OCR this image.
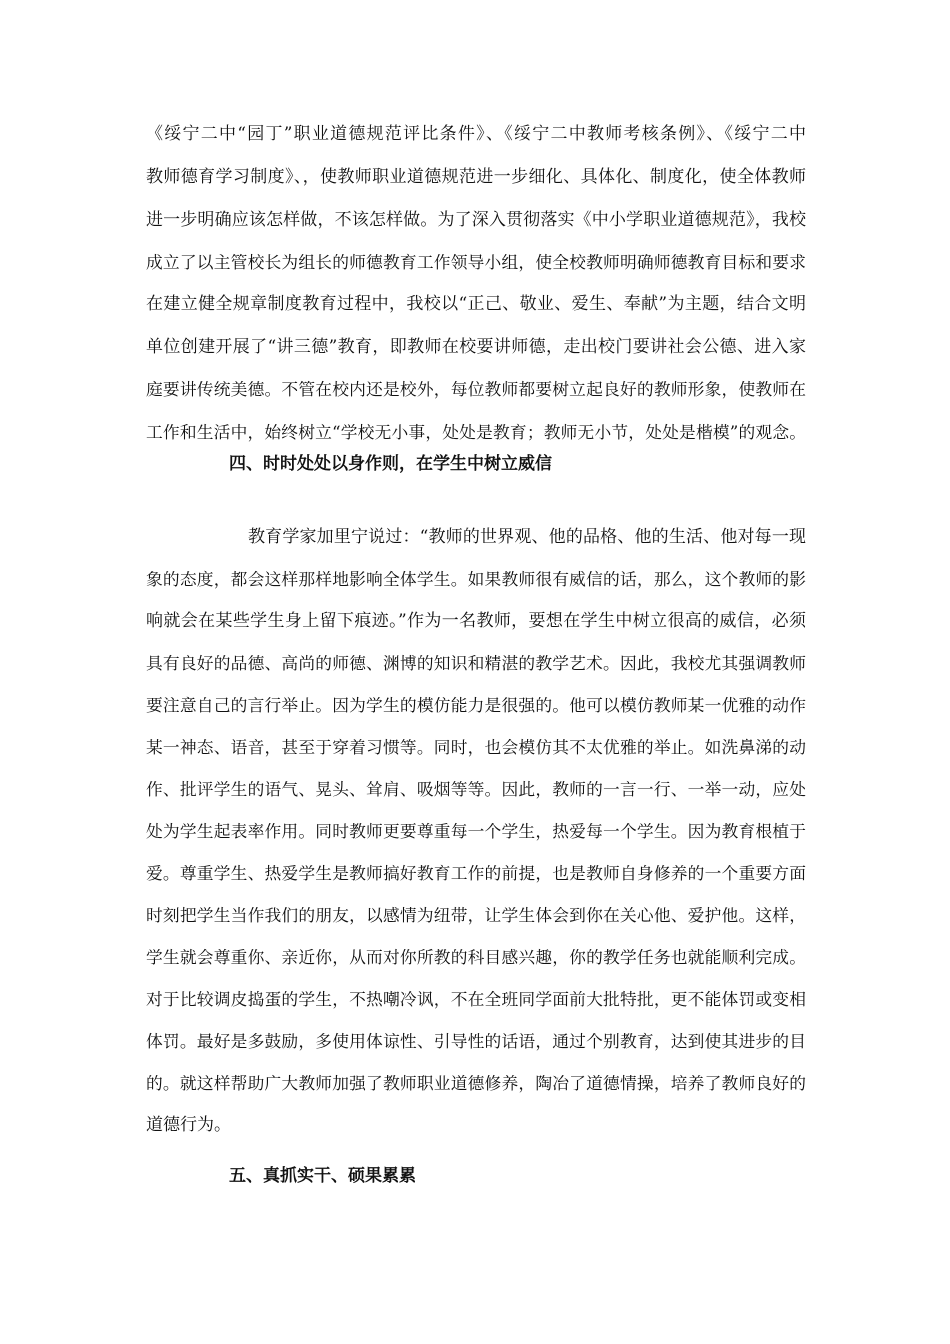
《绥宁二中“园丁”职业道德规范评比条件》、《绥宁二中教师考核条例》、《绥宁二中
教师德育学习制度》、，使教师职业道德规范进一步细化、具体化、制度化，使全体教师
进一步明确应该怎样做，不该怎样做。为了深入贯彻落实《中小学职业道德规范》，我校
成立了以主管校长为组长的师德教育工作领导小组，使全校教师明确师德教育目标和要求
在建立健全规章制度教育过程中，我校以“正己、敬业、爱生、奉献”为主题，结合文明
单位创建开展了“讲三德”教育，即教师在校要讲师德，走出校门要讲社会公德、进入家
庭要讲传统美德。不管在校内还是校外，每位教师都要树立起良好的教师形象，使教师在
工作和生活中，始终树立“学校无小事，处处是教育；教师无小节，处处是楷模”的观念。
四、时时处处以身作则，在学生中树立威信
教育学家加里宁说过：“教师的世界观、他的品格、他的生活、他对每一现
象的态度，都会这样那样地影响全体学生。如果教师很有威信的话，那么，这个教师的影
响就会在某些学生身上留下痕迹。”作为一名教师，要想在学生中树立很高的威信，必须
具有良好的品德、高尚的师德、渊博的知识和精湛的教学艺术。因此，我校尤其强调教师
要注意自己的言行举止。因为学生的模仿能力是很强的。他可以模仿教师某一优雅的动作
某一神态、语音，甚至于穿着习惯等。同时，也会模仿其不太优雅的举止。如洗鼻涕的动
作、批评学生的语气、晃头、耸肩、吸烟等等。因此，教师的一言一行、一举一动，应处
处为学生起表率作用。同时教师更要尊重每一个学生，热爱每一个学生。因为教育根植于
爱。尊重学生、热爱学生是教师搞好教育工作的前提，也是教师自身修养的一个重要方面
时刻把学生当作我们的朋友，以感情为纽带，让学生体会到你在关心他、爱护他。这样，
学生就会尊重你、亲近你，从而对你所教的科目感兴趣，你的教学任务也就能顺利完成。
对于比较调皮捣蛋的学生，不热嘲冷讽，不在全班同学面前大批特批，更不能体罚或变相
体罚。最好是多鼓励，多使用体谅性、引导性的话语，通过个别教育，达到使其进步的目
的。就这样帮助广大教师加强了教师职业道德修养，陶冶了道德情操，培养了教师良好的
道德行为。
五、真抓实干、硕果累累
